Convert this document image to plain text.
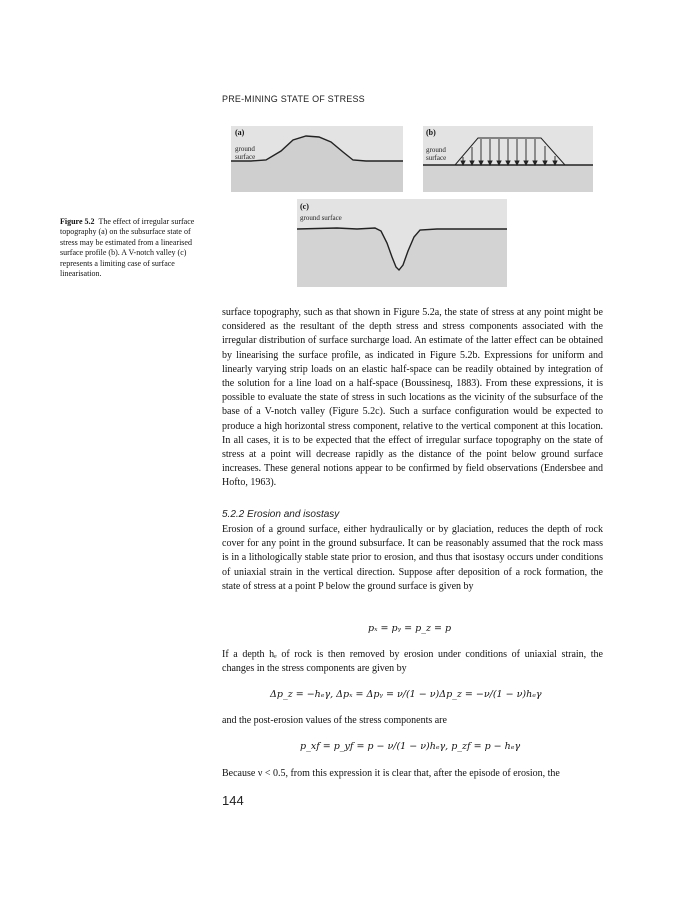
PRE-MINING STATE OF STRESS
(a)
ground
surface
(b)
ground
surface
(c)
ground surface
Figure 5.2 The effect of irregular surface topography (a) on the subsurface state of stress may be estimated from a linearised surface profile (b). A V-notch valley (c) represents a limiting case of surface linearisation.
surface topography, such as that shown in Figure 5.2a, the state of stress at any point might be considered as the resultant of the depth stress and stress components associated with the irregular distribution of surface surcharge load. An estimate of the latter effect can be obtained by linearising the surface profile, as indicated in Figure 5.2b. Expressions for uniform and linearly varying strip loads on an elastic half-space can be readily obtained by integration of the solution for a line load on a half-space (Boussinesq, 1883). From these expressions, it is possible to evaluate the state of stress in such locations as the vicinity of the subsurface of the base of a V-notch valley (Figure 5.2c). Such a surface configuration would be expected to produce a high horizontal stress component, relative to the vertical component at this location. In all cases, it is to be expected that the effect of irregular surface topography on the state of stress at a point will decrease rapidly as the distance of the point below ground surface increases. These general notions appear to be confirmed by field observations (Endersbee and Hofto, 1963).
5.2.2 Erosion and isostasy
Erosion of a ground surface, either hydraulically or by glaciation, reduces the depth of rock cover for any point in the ground subsurface. It can be reasonably assumed that the rock mass is in a lithologically stable state prior to erosion, and thus that isostasy occurs under conditions of uniaxial strain in the vertical direction. Suppose after deposition of a rock formation, the state of stress at a point P below the ground surface is given by
pₓ = pᵧ = p_z = p
If a depth hₑ of rock is then removed by erosion under conditions of uniaxial strain, the changes in the stress components are given by
Δp_z = −hₑγ, Δpₓ = Δpᵧ = ν/(1 − ν)Δp_z = −ν/(1 − ν)hₑγ
and the post-erosion values of the stress components are
p_xf = p_yf = p − ν/(1 − ν)hₑγ, p_zf = p − hₑγ
Because ν < 0.5, from this expression it is clear that, after the episode of erosion, the
144
